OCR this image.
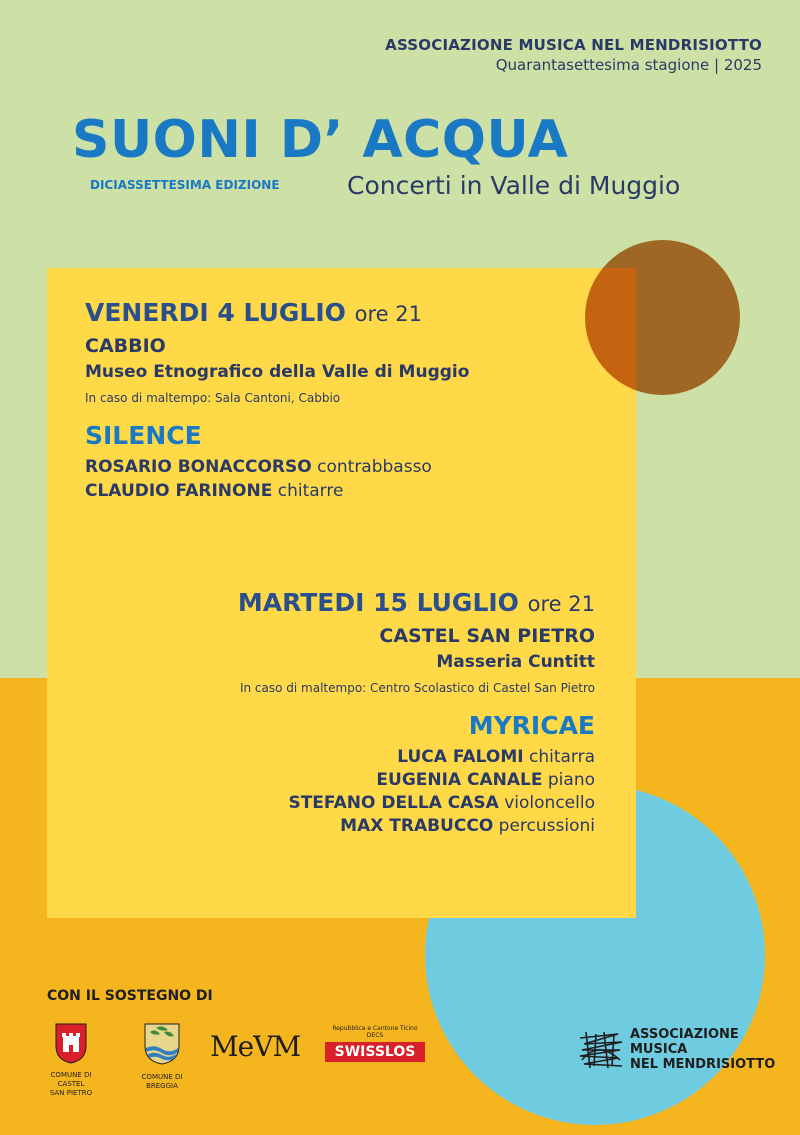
ASSOCIAZIONE MUSICA NEL MENDRISIOTTO
Quarantasettesima stagione | 2025
SUONI D’ ACQUA
DICIASSETTESIMA EDIZIONE	Concerti in Valle di Muggio
VENERDI 4 LUGLIO ore 21
CABBIO
Museo Etnografico della Valle di Muggio
In caso di maltempo: Sala Cantoni, Cabbio
SILENCE
ROSARIO BONACCORSO contrabbasso
CLAUDIO FARINONE chitarre
MARTEDI 15 LUGLIO ore 21
CASTEL SAN PIETRO
Masseria Cuntitt
In caso di maltempo: Centro Scolastico di Castel San Pietro
MYRICAE
LUCA FALOMI chitarra
EUGENIA CANALE piano
STEFANO DELLA CASA violoncello
MAX TRABUCCO percussioni
CON IL SOSTEGNO DI
COMUNE DI
CASTEL
SAN PIETRO
COMUNE DI
BREGGIA
MeVM
Repubblica e Cantone Ticino
DECS
SWISSLOS
ASSOCIAZIONE
MUSICA
NEL MENDRISIOTTO
